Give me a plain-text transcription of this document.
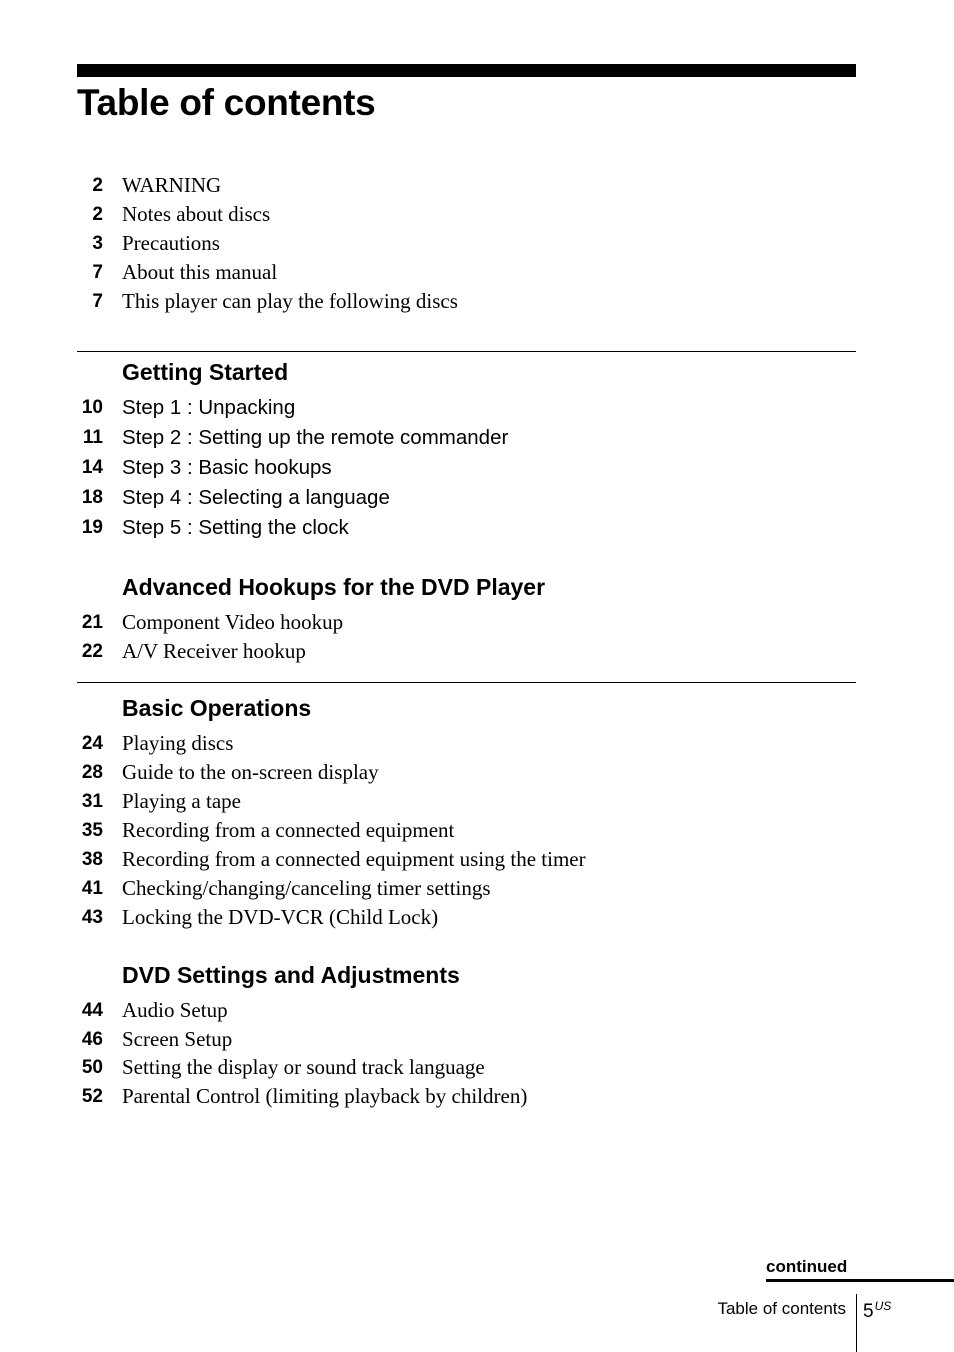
Table of contents
2 WARNING
2 Notes about discs
3 Precautions
7 About this manual
7 This player can play the following discs
Getting Started
10 Step 1 : Unpacking
11 Step 2 : Setting up the remote commander
14 Step 3 : Basic hookups
18 Step 4 : Selecting a language
19 Step 5 : Setting the clock
Advanced Hookups for the DVD Player
21 Component Video hookup
22 A/V Receiver hookup
Basic Operations
24 Playing discs
28 Guide to the on-screen display
31 Playing a tape
35 Recording from a connected equipment
38 Recording from a connected equipment using the timer
41 Checking/changing/canceling timer settings
43 Locking the DVD-VCR (Child Lock)
DVD Settings and Adjustments
44 Audio Setup
46 Screen Setup
50 Setting the display or sound track language
52 Parental Control (limiting playback by children)
continued
Table of contents $5^{US}$
